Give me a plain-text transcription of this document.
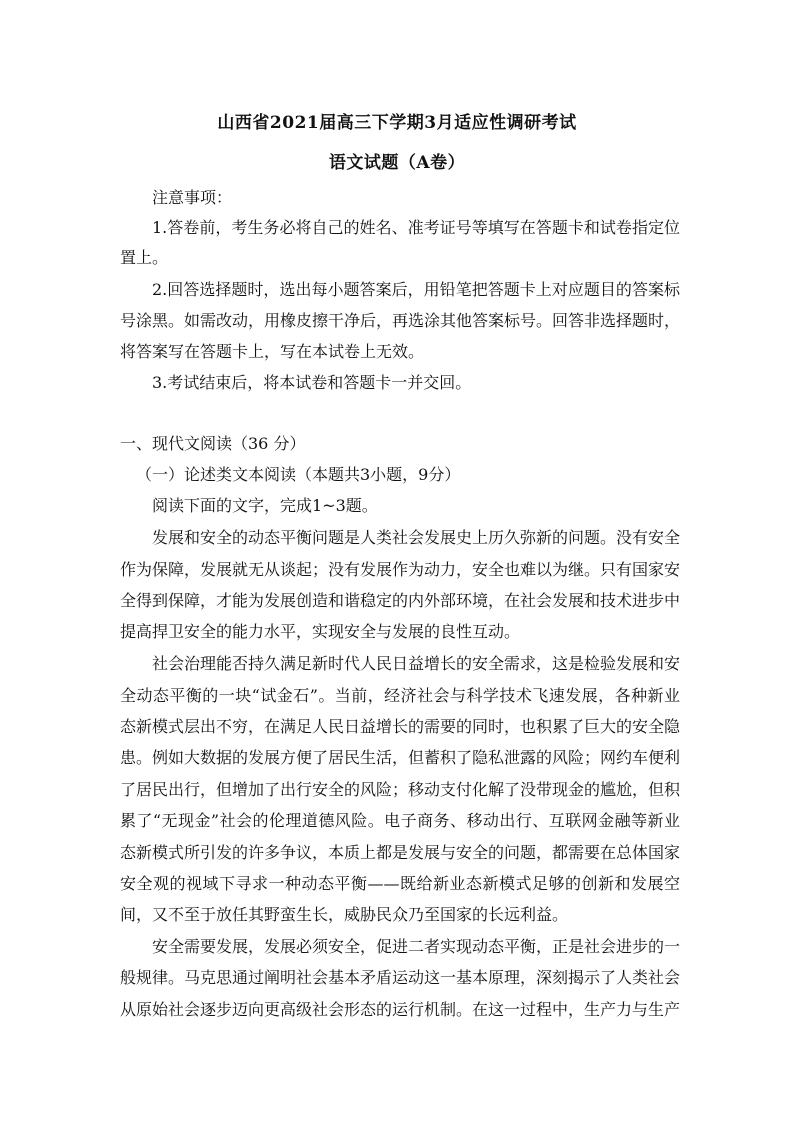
山西省2021届高三下学期3月适应性调研考试
语文试题（A卷）
注意事项：
1.答卷前，考生务必将自己的姓名、准考证号等填写在答题卡和试卷指定位
置上。
2.回答选择题时，选出每小题答案后，用铅笔把答题卡上对应题目的答案标
号涂黑。如需改动，用橡皮擦干净后，再选涂其他答案标号。回答非选择题时，
将答案写在答题卡上，写在本试卷上无效。
3.考试结束后，将本试卷和答题卡一并交回。
一、现代文阅读（36 分）
（一）论述类文本阅读（本题共3小题，9分）
阅读下面的文字，完成1~3题。
发展和安全的动态平衡问题是人类社会发展史上历久弥新的问题。没有安全
作为保障，发展就无从谈起；没有发展作为动力，安全也难以为继。只有国家安
全得到保障，才能为发展创造和谐稳定的内外部环境，在社会发展和技术进步中
提高捍卫安全的能力水平，实现安全与发展的良性互动。
社会治理能否持久满足新时代人民日益增长的安全需求，这是检验发展和安
全动态平衡的一块“试金石”。当前，经济社会与科学技术飞速发展，各种新业
态新模式层出不穷，在满足人民日益增长的需要的同时，也积累了巨大的安全隐
患。例如大数据的发展方便了居民生活，但蓄积了隐私泄露的风险；网约车便利
了居民出行，但增加了出行安全的风险；移动支付化解了没带现金的尴尬，但积
累了“无现金”社会的伦理道德风险。电子商务、移动出行、互联网金融等新业
态新模式所引发的许多争议，本质上都是发展与安全的问题，都需要在总体国家
安全观的视域下寻求一种动态平衡——既给新业态新模式足够的创新和发展空
间，又不至于放任其野蛮生长，威胁民众乃至国家的长远利益。
安全需要发展，发展必须安全，促进二者实现动态平衡，正是社会进步的一
般规律。马克思通过阐明社会基本矛盾运动这一基本原理，深刻揭示了人类社会
从原始社会逐步迈向更高级社会形态的运行机制。在这一过程中，生产力与生产
